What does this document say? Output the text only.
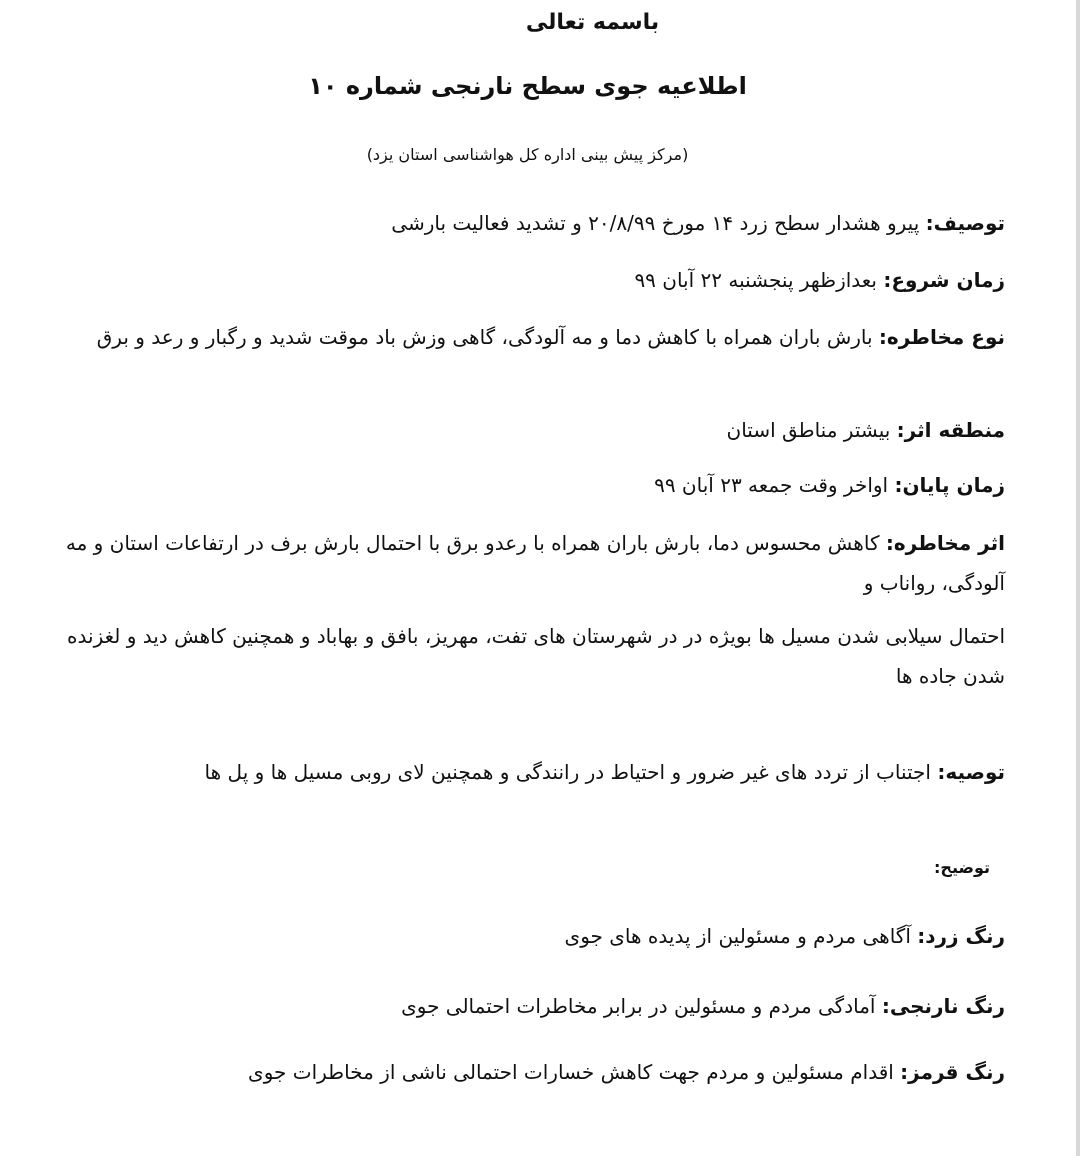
باسمه تعالی
اطلاعیه جوی سطح نارنجی شماره ۱۰
(مرکز پیش بینی اداره کل هواشناسی استان یزد)
توصیف: پیرو هشدار سطح زرد ۱۴ مورخ ۲۰/۸/۹۹ و تشدید فعالیت بارشی
زمان شروع: بعدازظهر پنجشنبه ۲۲ آبان ۹۹
نوع مخاطره: بارش باران همراه با کاهش دما و مه آلودگی، گاهی وزش باد موقت شدید و رگبار و رعد و برق
منطقه اثر: بیشتر مناطق استان
زمان پایان: اواخر وقت جمعه ۲۳ آبان ۹۹
اثر مخاطره: کاهش محسوس دما، بارش باران همراه با رعدو برق با احتمال بارش برف در ارتفاعات استان و مه آلودگی، رواناب و
احتمال سیلابی شدن مسیل ها بویژه در در شهرستان های تفت، مهریز، بافق و بهاباد و همچنین کاهش دید و لغزنده شدن جاده ها
توصیه: اجتناب از تردد های غیر ضرور و احتیاط در رانندگی و همچنین لای روبی مسیل ها و پل ها
توضیح:
رنگ زرد: آگاهی مردم و مسئولین از پدیده های جوی
رنگ نارنجی: آمادگی مردم و مسئولین در برابر مخاطرات احتمالی جوی
رنگ قرمز: اقدام مسئولین و مردم جهت کاهش خسارات احتمالی ناشی از مخاطرات جوی
